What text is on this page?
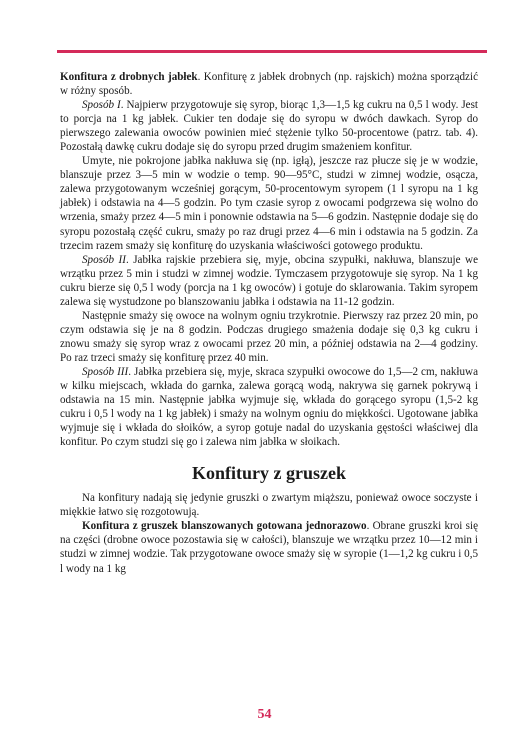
Konfitura z drobnych jabłek. Konfiturę z jabłek drobnych (np. rajskich) można sporządzić w różny sposób.

Sposób I. Najpierw przygotowuje się syrop, biorąc 1,3—1,5 kg cukru na 0,5 l wody. Jest to porcja na 1 kg jabłek. Cukier ten dodaje się do syropu w dwóch dawkach. Syrop do pierwszego zalewania owoców powinien mieć stężenie tylko 50-procentowe (patrz. tab. 4). Pozostałą dawkę cukru dodaje się do syropu przed drugim smażeniem konfitur.

Umyte, nie pokrojone jabłka nakłuwa się (np. igłą), jeszcze raz płucze się je w wodzie, blanszuje przez 3—5 min w wodzie o temp. 90—95°C, studzi w zimnej wodzie, osącza, zalewa przygotowanym wcześniej gorącym, 50-procentowym syropem (1 l syropu na 1 kg jabłek) i odstawia na 4—5 godzin. Po tym czasie syrop z owocami podgrzewa się wolno do wrzenia, smaży przez 4—5 min i ponownie odstawia na 5—6 godzin. Następnie dodaje się do syropu pozostałą część cukru, smaży po raz drugi przez 4—6 min i odstawia na 5 godzin. Za trzecim razem smaży się konfiturę do uzyskania właściwości gotowego produktu.

Sposób II. Jabłka rajskie przebiera się, myje, obcina szypułki, nakłuwa, blanszuje we wrzątku przez 5 min i studzi w zimnej wodzie. Tymczasem przygotowuje się syrop. Na 1 kg cukru bierze się 0,5 l wody (porcja na 1 kg owoców) i gotuje do sklarowania. Takim syropem zalewa się wystudzone po blanszowaniu jabłka i odstawia na 11-12 godzin.

Następnie smaży się owoce na wolnym ogniu trzykrotnie. Pierwszy raz przez 20 min, po czym odstawia się je na 8 godzin. Podczas drugiego smażenia dodaje się 0,3 kg cukru i znowu smaży się syrop wraz z owocami przez 20 min, a później odstawia na 2—4 godziny. Po raz trzeci smaży się konfiturę przez 40 min.

Sposób III. Jabłka przebiera się, myje, skraca szypułki owocowe do 1,5—2 cm, nakłuwa w kilku miejscach, wkłada do garnka, zalewa gorącą wodą, nakrywa się garnek pokrywą i odstawia na 15 min. Następnie jabłka wyjmuje się, wkłada do gorącego syropu (1,5-2 kg cukru i 0,5 l wody na 1 kg jabłek) i smaży na wolnym ogniu do miękkości. Ugotowane jabłka wyjmuje się i wkłada do słoików, a syrop gotuje nadal do uzyskania gęstości właściwej dla konfitur. Po czym studzi się go i zalewa nim jabłka w słoikach.

Konfitury z gruszek

Na konfitury nadają się jedynie gruszki o zwartym miąższu, ponieważ owoce soczyste i miękkie łatwo się rozgotowują.

Konfitura z gruszek blanszowanych gotowana jednorazowo. Obrane gruszki kroi się na części (drobne owoce pozostawia się w całości), blanszuje we wrzątku przez 10—12 min i studzi w zimnej wodzie. Tak przygotowane owoce smaży się w syropie (1—1,2 kg cukru i 0,5 l wody na 1 kg

54
